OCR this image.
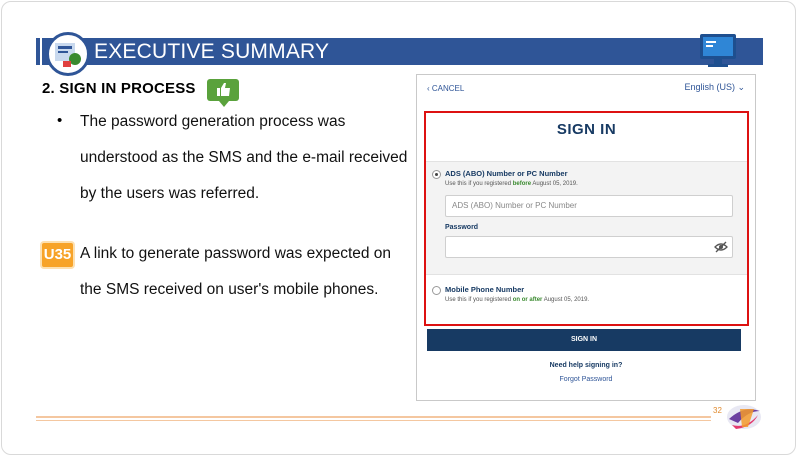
EXECUTIVE SUMMARY
2. SIGN IN PROCESS
• The password generation process was understood as the SMS and the e-mail received by the users was referred.
U35 A link to generate password was expected on the SMS received on user's mobile phones.
‹ CANCEL	English (US) ⌄
SIGN IN
ADS (ABO) Number or PC Number
Use this if you registered before August 05, 2019.
ADS (ABO) Number or PC Number
Password
Mobile Phone Number
Use this if you registered on or after August 05, 2019.
SIGN IN
Need help signing in?
Forgot Password
32
